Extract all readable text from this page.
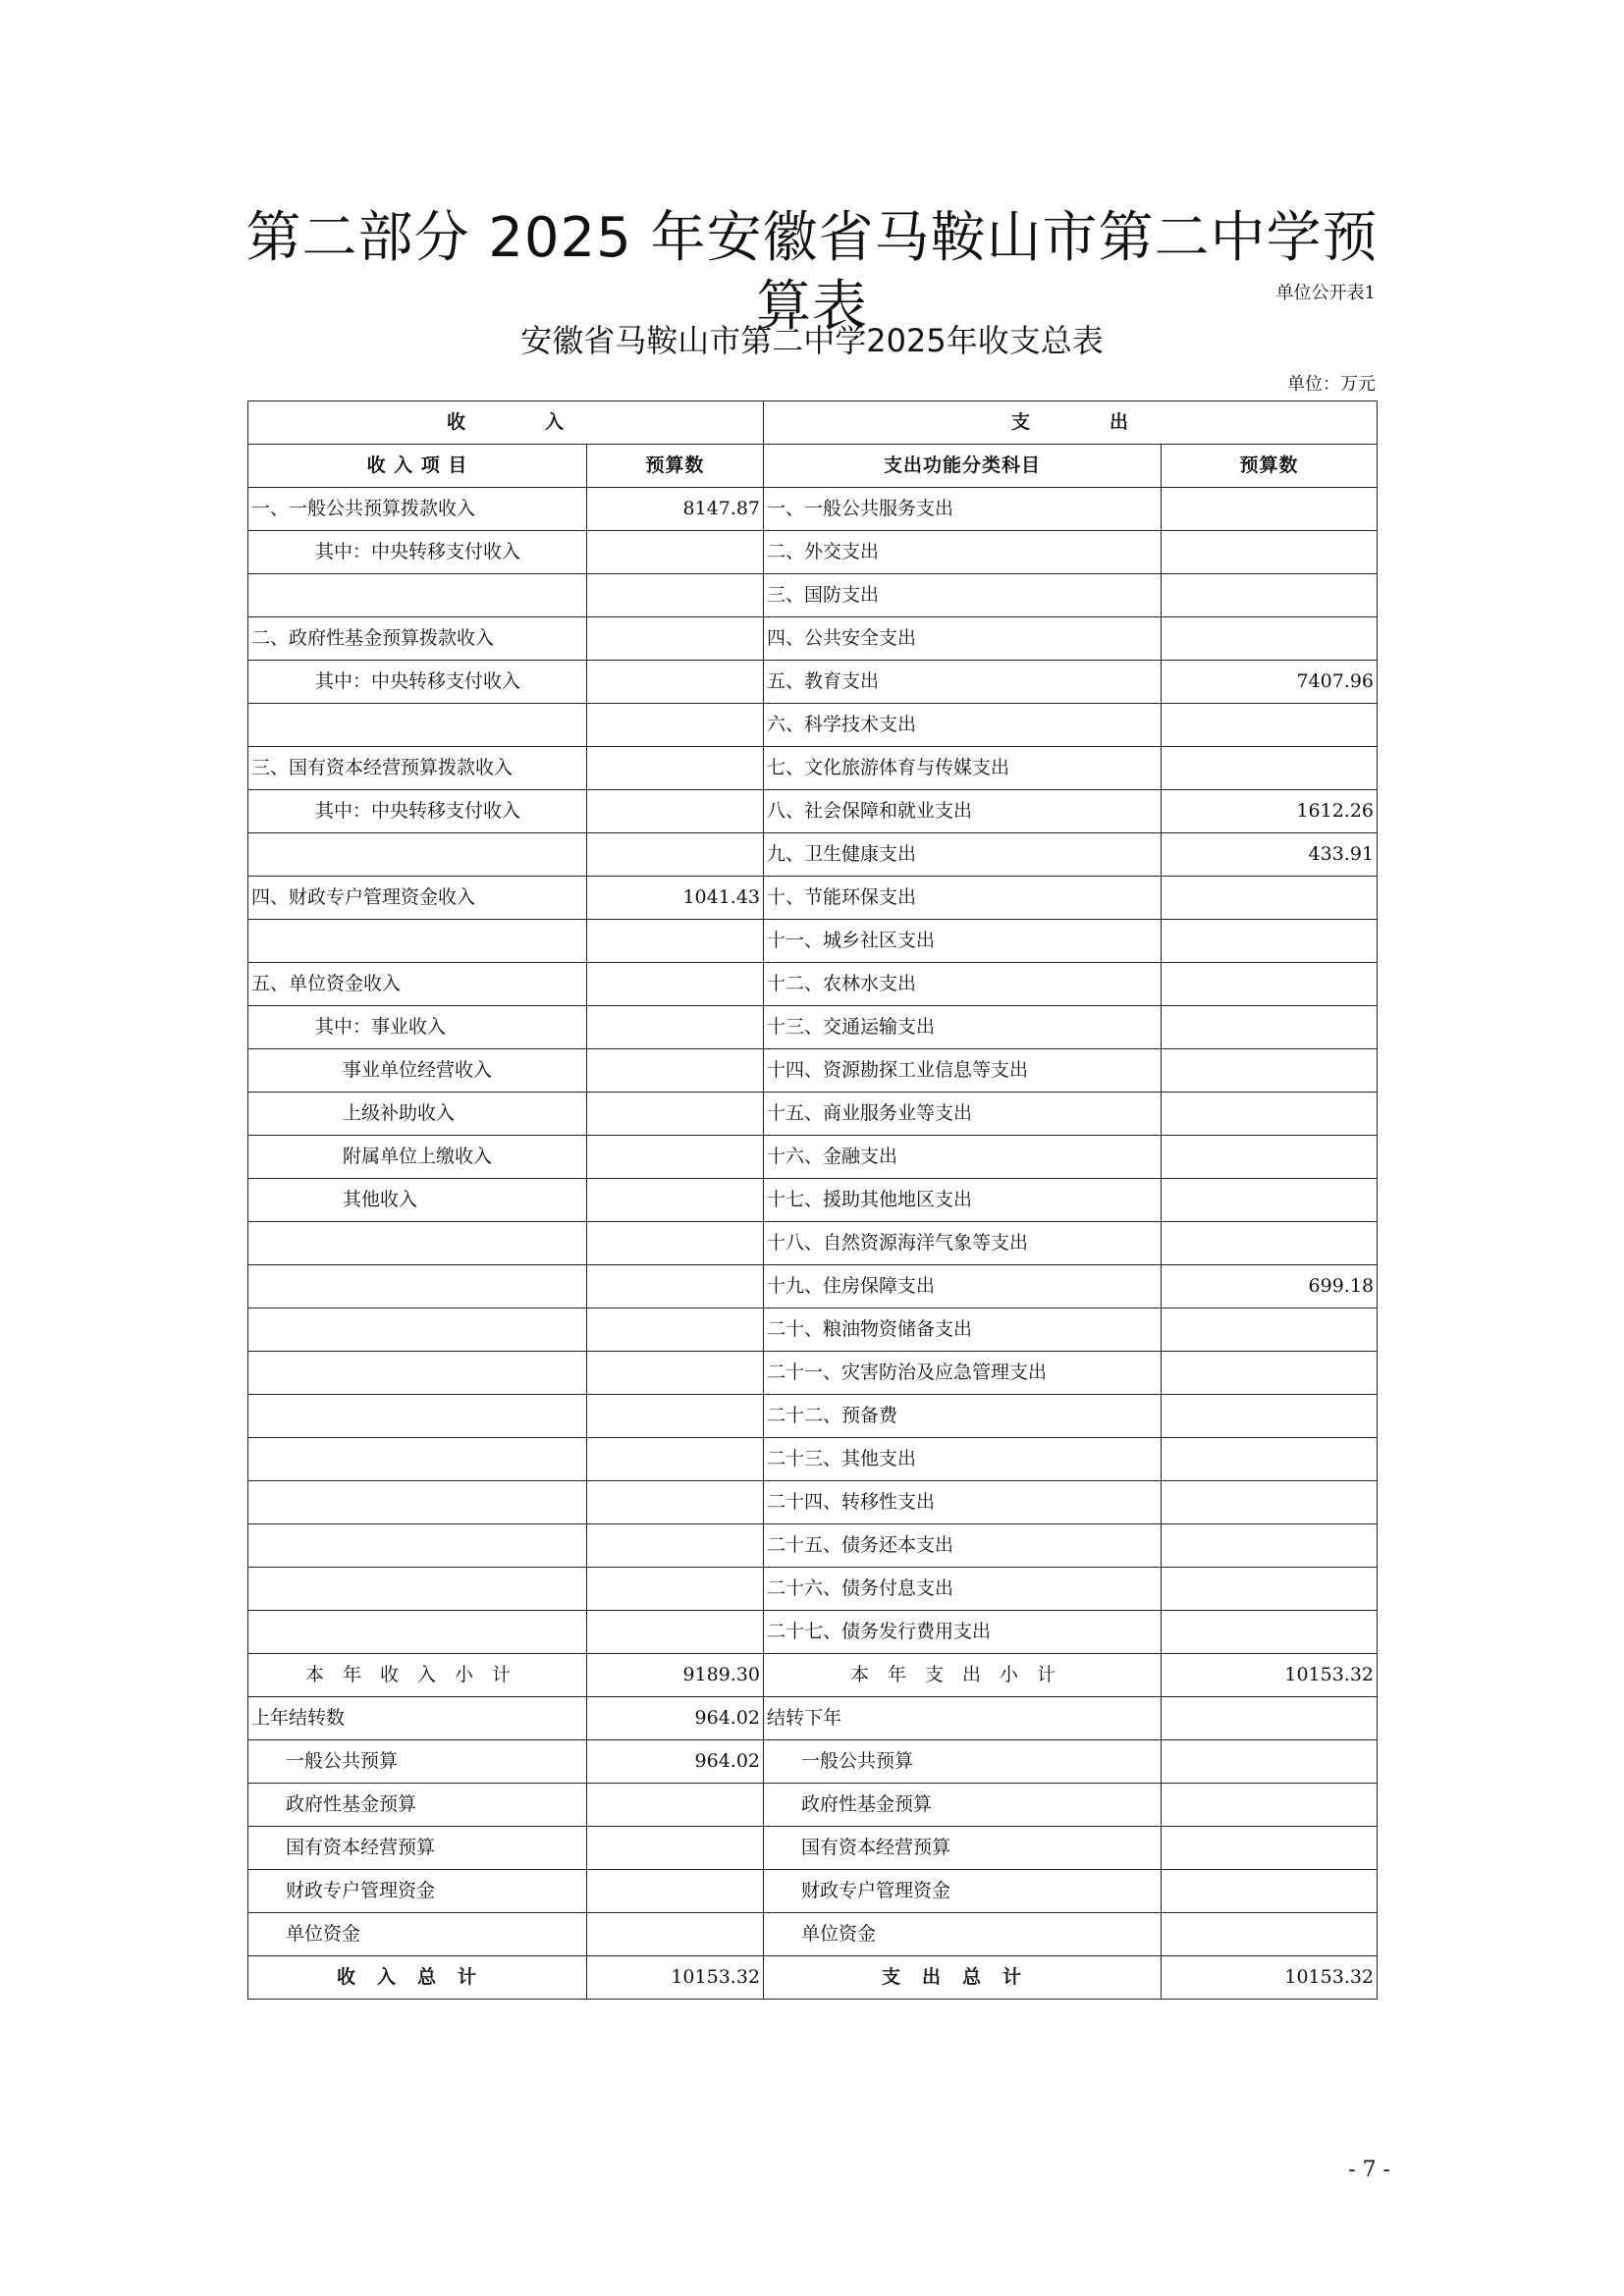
第二部分 2025 年安徽省马鞍山市第二中学预算表	单位公开表1
安徽省马鞍山市第二中学2025年收支总表
单位：万元
收　　　　入		支　　　　出	
收 入 项 目	预算数	支出功能分类科目	预算数
一、一般公共预算拨款收入	8147.87	一、一般公共服务支出	
其中：中央转移支付收入		二、外交支出	
		三、国防支出	
二、政府性基金预算拨款收入		四、公共安全支出	
其中：中央转移支付收入		五、教育支出	7407.96
		六、科学技术支出	
三、国有资本经营预算拨款收入		七、文化旅游体育与传媒支出	
其中：中央转移支付收入		八、社会保障和就业支出	1612.26
		九、卫生健康支出	433.91
四、财政专户管理资金收入	1041.43	十、节能环保支出	
		十一、城乡社区支出	
五、单位资金收入		十二、农林水支出	
其中：事业收入		十三、交通运输支出	
事业单位经营收入		十四、资源勘探工业信息等支出	
上级补助收入		十五、商业服务业等支出	
附属单位上缴收入		十六、金融支出	
其他收入		十七、援助其他地区支出	
		十八、自然资源海洋气象等支出	
		十九、住房保障支出	699.18
		二十、粮油物资储备支出	
		二十一、灾害防治及应急管理支出	
		二十二、预备费	
		二十三、其他支出	
		二十四、转移性支出	
		二十五、债务还本支出	
		二十六、债务付息支出	
		二十七、债务发行费用支出	
本年收入小计	9189.30	本年支出小计	10153.32
上年结转数	964.02	结转下年	
一般公共预算	964.02	一般公共预算	
政府性基金预算		政府性基金预算	
国有资本经营预算		国有资本经营预算	
财政专户管理资金		财政专户管理资金	
单位资金		单位资金	
收入总计	10153.32	支出总计	10153.32
- 7 -
